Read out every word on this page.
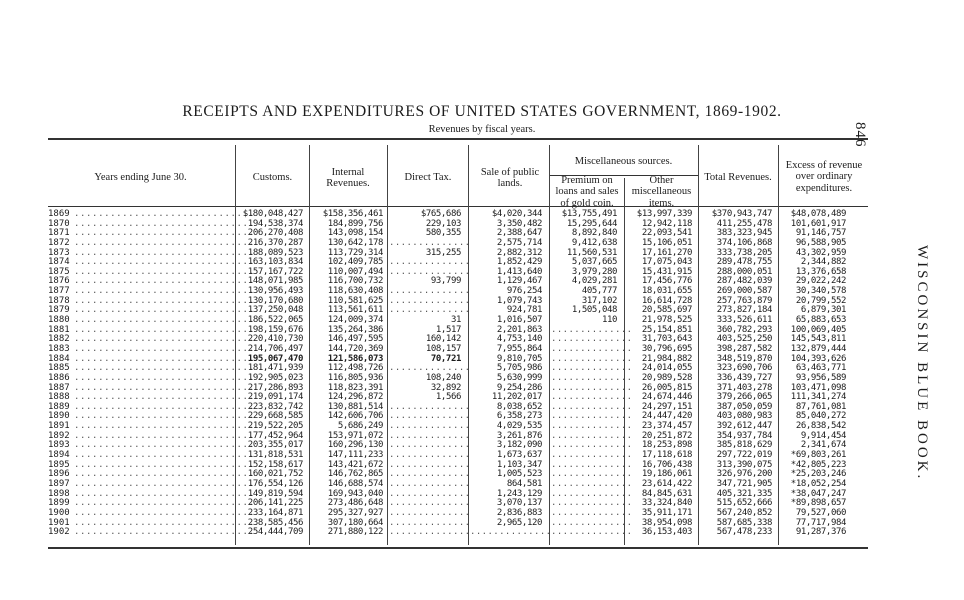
RECEIPTS AND EXPENDITURES OF UNITED STATES GOVERNMENT, 1869-1902.
Revenues by fiscal years.	846
WISCONSIN BLUE BOOK.
Years ending June 30.	Customs.
Internal Revenues.
Direct Tax.
Sale of public lands.
Miscellaneous sources.
Premium on loans and sales of gold coin.
Other miscellaneous items.
Total Revenues.
Excess of revenue over ordinary expenditures.
1869 ..............................
1870 ..............................
1871 ..............................
1872 ..............................
1873 ..............................
1874 ..............................
1875 ..............................
1876 ..............................
1877 ..............................
1878 ..............................
1879 ..............................
1880 ..............................
1881 ..............................
1882 ..............................
1883 ..............................
1884 ..............................
1885 ..............................
1886 ..............................
1887 ..............................
1888 ..............................
1889 ..............................
1890 ..............................
1891 ..............................
1892 ..............................
1893 ..............................
1894 ..............................
1895 ..............................
1896 ..............................
1897 ..............................
1898 ..............................
1899 ..............................
1900 ..............................
1901 ..............................
1902 ..............................
$180,048,427
194,538,374
206,270,408
216,370,287
188,089,523
163,103,834
157,167,722
148,071,985
130,956,493
130,170,680
137,250,048
186,522,065
198,159,676
220,410,730
214,706,497
195,067,470
181,471,939
192,905,023
217,286,893
219,091,174
223,832,742
229,668,585
219,522,205
177,452,964
203,355,017
131,818,531
152,158,617
160,021,752
176,554,126
149,819,594
206,141,225
233,164,871
238,585,456
254,444,709
$158,356,461
184,899,756
143,098,154
130,642,178
113,729,314
102,409,785
110,007,494
116,700,732
118,630,408
110,581,625
113,561,611
124,009,374
135,264,386
146,497,595
144,720,369
121,586,073
112,498,726
116,805,936
118,823,391
124,296,872
130,881,514
142,606,706
5,686,249
153,971,072
160,296,130
147,111,233
143,421,672
146,762,865
146,688,574
169,943,040
273,486,648
295,327,927
307,180,664
271,880,122
$765,686
229,103
580,355
..............
315,255
..............
..............
93,799
..............
..............
..............
31
1,517
160,142
108,157
70,721
..............
108,240
32,892
1,566
..............
..............
..............
..............
..............
..............
..............
..............
..............
..............
..............
..............
..............
..............
$4,020,344
3,350,482
2,388,647
2,575,714
2,882,312
1,852,429
1,413,640
1,129,467
976,254
1,079,743
924,781
1,016,507
2,201,863
4,753,140
7,955,864
9,810,705
5,705,986
5,630,999
9,254,286
11,202,017
8,038,652
6,358,273
4,029,535
3,261,876
3,182,090
1,673,637
1,103,347
1,005,523
864,581
1,243,129
3,070,137
2,836,883
2,965,120
..............
$13,755,491
15,295,644
8,892,840
9,412,638
11,560,531
5,037,665
3,979,280
4,029,281
405,777
317,102
1,505,048
110
..............
..............
..............
..............
..............
..............
..............
..............
..............
..............
..............
..............
..............
..............
..............
..............
..............
..............
..............
..............
..............
..............
$13,997,339
12,942,118
22,093,541
15,106,051
17,161,270
17,075,043
15,431,915
17,456,776
18,031,655
16,614,728
20,585,697
21,978,525
25,154,851
31,703,643
30,796,695
21,984,882
24,014,055
20,989,528
26,005,815
24,674,446
24,297,151
24,447,420
23,374,457
20,251,872
18,253,898
17,118,618
16,706,438
19,186,061
23,614,422
84,845,631
33,324,840
35,911,171
38,954,098
36,153,403
$370,943,747
411,255,478
383,323,945
374,106,868
333,738,205
289,478,755
288,000,051
287,482,039
269,000,587
257,763,879
273,827,184
333,526,611
360,782,293
403,525,250
398,287,582
348,519,870
323,690,706
336,439,727
371,403,278
379,266,065
387,050,059
403,080,983
392,612,447
354,937,784
385,818,629
297,722,019
313,390,075
326,976,200
347,721,905
405,321,335
515,652,666
567,240,852
587,685,338
567,478,233
$48,078,489
101,601,917
91,146,757
96,588,905
43,302,959
2,344,882
13,376,658
29,022,242
30,340,578
20,799,552
6,879,301
65,883,653
100,069,405
145,543,811
132,879,444
104,393,626
63,463,771
93,956,589
103,471,098
111,341,274
87,761,081
85,040,272
26,838,542
9,914,454
2,341,674
*69,803,261
*42,805,223
*25,203,246
*18,052,254
*38,047,247
*89,898,657
79,527,060
77,717,984
91,287,376
